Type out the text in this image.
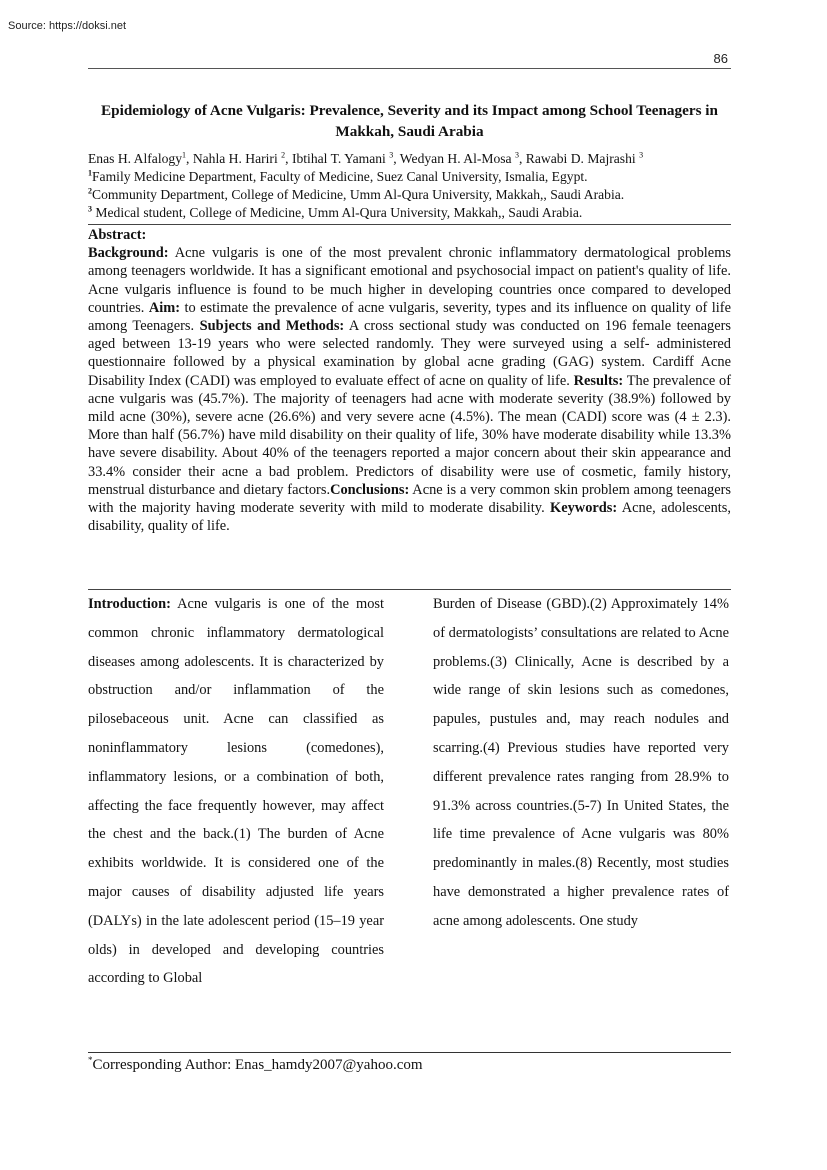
Source: https://doksi.net
86
Epidemiology of Acne Vulgaris: Prevalence, Severity and its Impact among School Teenagers in Makkah, Saudi Arabia
Enas H. Alfalogy$^1$, Nahla H. Hariri $^2$, Ibtihal T. Yamani $^3$, Wedyan H. Al-Mosa $^3$, Rawabi D. Majrashi $^3$
$^1$Family Medicine Department, Faculty of Medicine, Suez Canal University, Ismalia, Egypt.
$^2$Community Department, College of Medicine, Umm Al-Qura University, Makkah,, Saudi Arabia.
$^3$ Medical student, College of Medicine, Umm Al-Qura University, Makkah,, Saudi Arabia.

Abstract:

Background: Acne vulgaris is one of the most prevalent chronic inflammatory dermatological problems among teenagers worldwide. It has a significant emotional and psychosocial impact on patient's quality of life. Acne vulgaris influence is found to be much higher in developing countries once compared to developed countries. Aim: to estimate the prevalence of acne vulgaris, severity, types and its influence on quality of life among Teenagers. Subjects and Methods: A cross sectional study was conducted on 196 female teenagers aged between 13-19 years who were selected randomly. They were surveyed using a self- administered questionnaire followed by a physical examination by global acne grading (GAG) system. Cardiff Acne Disability Index (CADI) was employed to evaluate effect of acne on quality of life. Results: The prevalence of acne vulgaris was (45.7%). The majority of teenagers had acne with moderate severity (38.9%) followed by mild acne (30%), severe acne (26.6%) and very severe acne (4.5%). The mean (CADI) score was (4 ± 2.3). More than half (56.7%) have mild disability on their quality of life, 30% have moderate disability while 13.3% have severe disability. About 40% of the teenagers reported a major concern about their skin appearance and 33.4% consider their acne a bad problem. Predictors of disability were use of cosmetic, family history, menstrual disturbance and dietary factors.Conclusions: Acne is a very common skin problem among teenagers with the majority having moderate severity with mild to moderate disability. Keywords: Acne, adolescents, disability, quality of life.

Introduction: Acne vulgaris is one of the most common chronic inflammatory dermatological diseases among adolescents. It is characterized by obstruction and/or inflammation of the pilosebaceous unit. Acne can classified as noninflammatory lesions (comedones), inflammatory lesions, or a combination of both, affecting the face frequently however, may affect the chest and the back.(1) The burden of Acne exhibits worldwide. It is considered one of the major causes of disability adjusted life years (DALYs) in the late adolescent period (15–19 year olds) in developed and developing countries according to Global
Burden of Disease (GBD).(2) Approximately 14% of dermatologists’ consultations are related to Acne problems.(3) Clinically, Acne is described by a wide range of skin lesions such as comedones, papules, pustules and, may reach nodules and scarring.(4) Previous studies have reported very different prevalence rates ranging from 28.9% to 91.3% across countries.(5-7) In United States, the life time prevalence of Acne vulgaris was 80% predominantly in males.(8) Recently, most studies have demonstrated a higher prevalence rates of acne among adolescents. One study
*Corresponding Author: Enas_hamdy2007@yahoo.com
